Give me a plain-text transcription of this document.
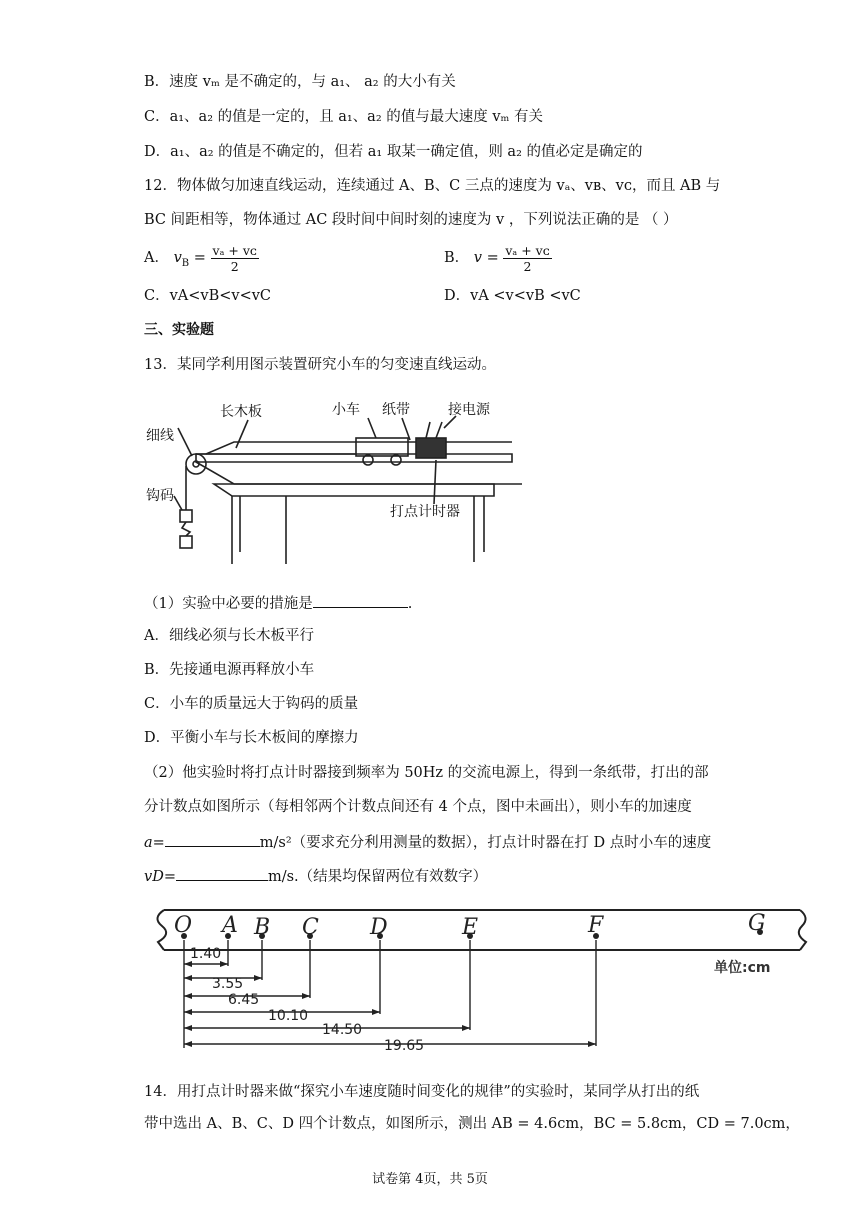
B．速度 vₘ 是不确定的，与 a₁、 a₂ 的大小有关
C．a₁、a₂ 的值是一定的，且 a₁、a₂ 的值与最大速度 vₘ 有关
D．a₁、a₂ 的值是不确定的，但若 a₁ 取某一确定值，则 a₂ 的值必定是确定的
12．物体做匀加速直线运动，连续通过 A、B、C 三点的速度为 vₐ、vʙ、vᴄ，而且 AB 与
BC 间距相等，物体通过 AC 段时间中间时刻的速度为 v ，下列说法正确的是 （ ）
A． $v_B = \frac{\text{vₐ + vᴄ}}{2}$	B． $v = \frac{\text{vₐ + vᴄ}}{2}$
C．vA<vB<v<vC	D．vA <v<vB <vC
三、实验题
13．某同学利用图示装置研究小车的匀变速直线运动。
长木板	小车 纸带	接电源
细线
钩码
打点计时器
（1）实验中必要的措施是	.
A．细线必须与长木板平行
B．先接通电源再释放小车
C．小车的质量远大于钩码的质量
D．平衡小车与长木板间的摩擦力
（2）他实验时将打点计时器接到频率为 50Hz 的交流电源上，得到一条纸带，打出的部
分计数点如图所示（每相邻两个计数点间还有 4 个点，图中未画出），则小车的加速度
a=	m/s²（要求充分利用测量的数据），打点计时器在打 D 点时小车的速度
vD=	m/s.（结果均保留两位有效数字）
O A B C D	E	F	G
单位:cm
1.40
3.55
6.45
10.10
14.50
19.65
14．用打点计时器来做“探究小车速度随时间变化的规律”的实验时，某同学从打出的纸
带中选出 A、B、C、D 四个计数点，如图所示，测出 AB = 4.6cm，BC = 5.8cm，CD = 7.0cm，
试卷第 4页，共 5页
